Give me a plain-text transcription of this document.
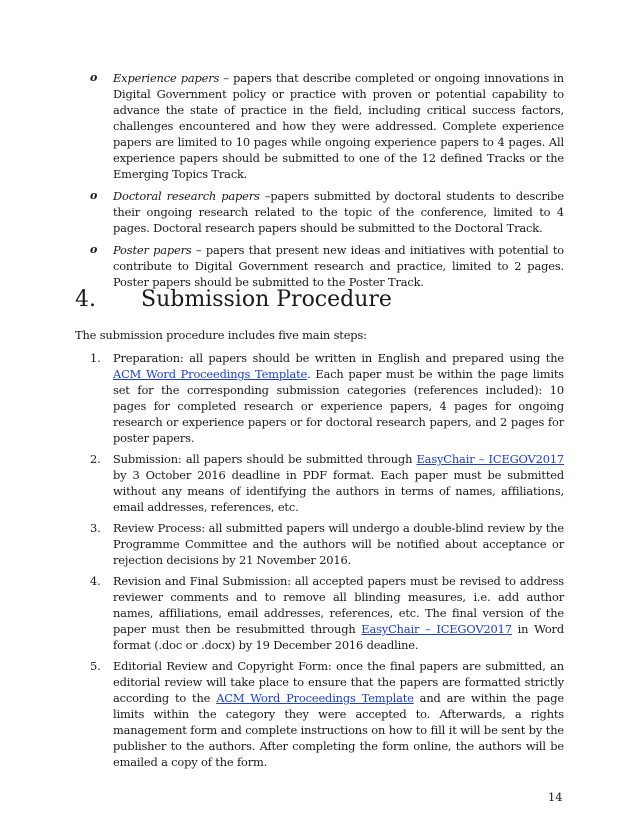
o Experience papers – papers that describe completed or ongoing innovations in Digital Government policy or practice with proven or potential capability to advance the state of practice in the field, including critical success factors, challenges encountered and how they were addressed. Complete experience papers are limited to 10 pages while ongoing experience papers to 4 pages. All experience papers should be submitted to one of the 12 defined Tracks or the Emerging Topics Track.
o Doctoral research papers –papers submitted by doctoral students to describe their ongoing research related to the topic of the conference, limited to 4 pages. Doctoral research papers should be submitted to the Doctoral Track.
o Poster papers – papers that present new ideas and initiatives with potential to contribute to Digital Government research and practice, limited to 2 pages. Poster papers should be submitted to the Poster Track.
4. Submission Procedure
The submission procedure includes five main steps:
1. Preparation: all papers should be written in English and prepared using the ACM Word Proceedings Template. Each paper must be within the page limits set for the corresponding submission categories (references included): 10 pages for completed research or experience papers, 4 pages for ongoing research or experience papers or for doctoral research papers, and 2 pages for poster papers.
2. Submission: all papers should be submitted through EasyChair – ICEGOV2017 by 3 October 2016 deadline in PDF format. Each paper must be submitted without any means of identifying the authors in terms of names, affiliations, email addresses, references, etc.
3. Review Process: all submitted papers will undergo a double-blind review by the Programme Committee and the authors will be notified about acceptance or rejection decisions by 21 November 2016.
4. Revision and Final Submission: all accepted papers must be revised to address reviewer comments and to remove all blinding measures, i.e. add author names, affiliations, email addresses, references, etc. The final version of the paper must then be resubmitted through EasyChair – ICEGOV2017 in Word format (.doc or .docx) by 19 December 2016 deadline.
5. Editorial Review and Copyright Form: once the final papers are submitted, an editorial review will take place to ensure that the papers are formatted strictly according to the ACM Word Proceedings Template and are within the page limits within the category they were accepted to. Afterwards, a rights management form and complete instructions on how to fill it will be sent by the publisher to the authors. After completing the form online, the authors will be emailed a copy of the form.
14
